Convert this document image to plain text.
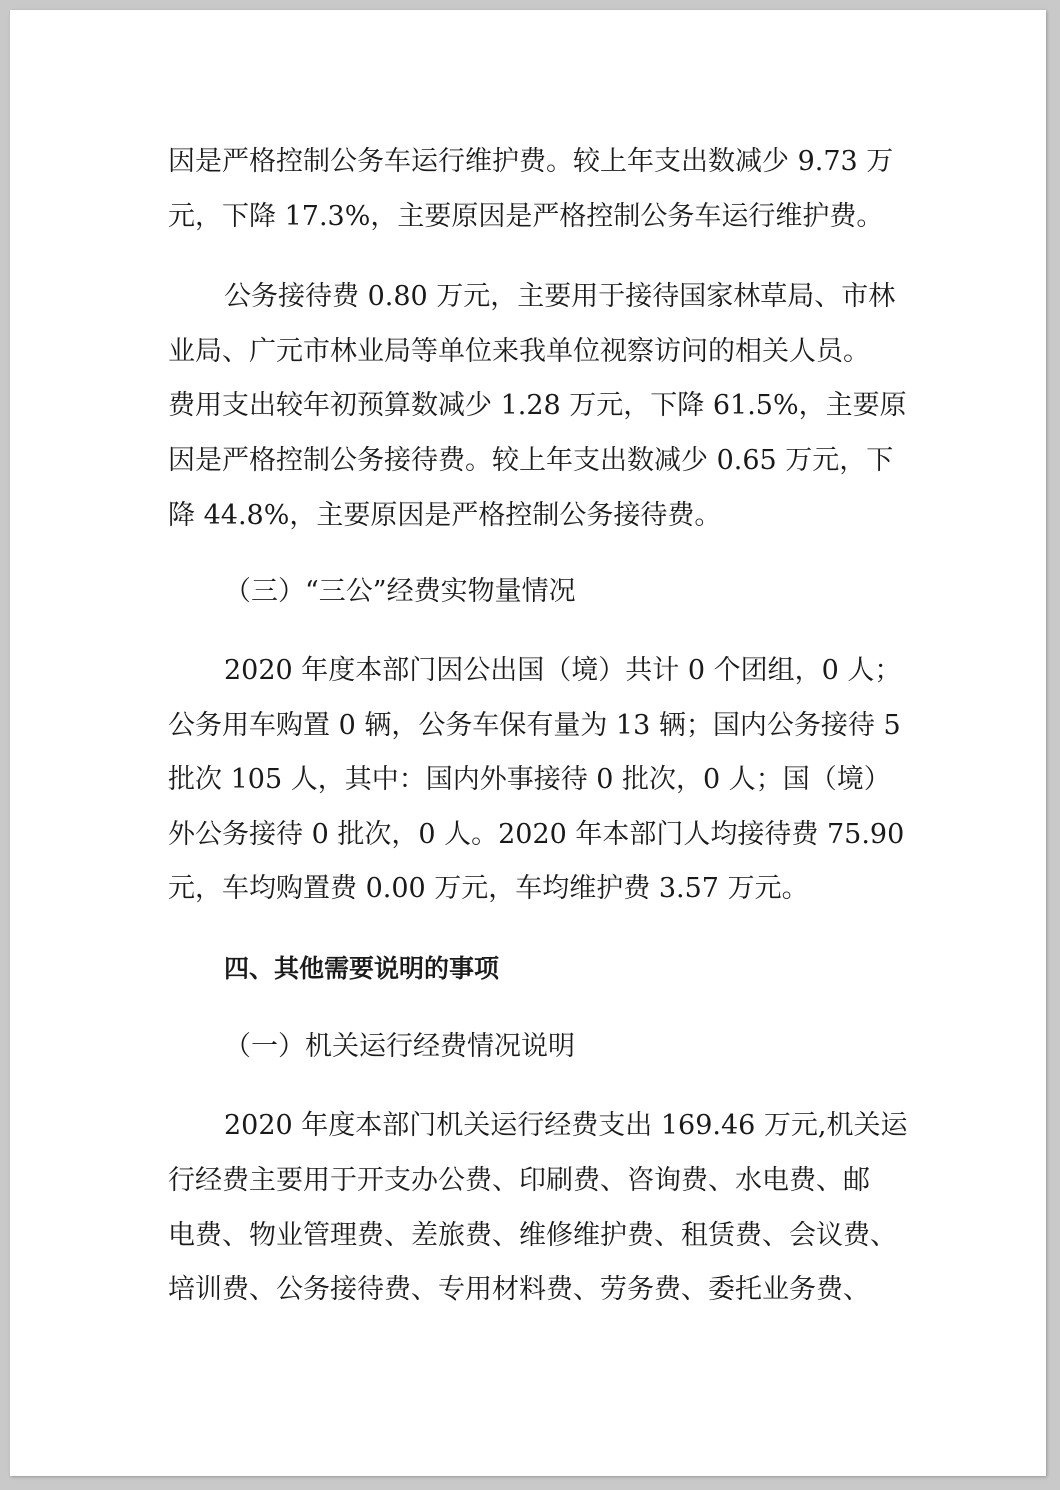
因是严格控制公务车运行维护费。较上年支出数减少 9.73 万
元，下降 17.3%，主要原因是严格控制公务车运行维护费。
公务接待费 0.80 万元，主要用于接待国家林草局、市林
业局、广元市林业局等单位来我单位视察访问的相关人员。
费用支出较年初预算数减少 1.28 万元，下降 61.5%，主要原
因是严格控制公务接待费。较上年支出数减少 0.65 万元，下
降 44.8%，主要原因是严格控制公务接待费。
（三）“三公”经费实物量情况
2020 年度本部门因公出国（境）共计 0 个团组，0 人；
公务用车购置 0 辆，公务车保有量为 13 辆；国内公务接待 5
批次 105 人，其中：国内外事接待 0 批次，0 人；国（境）
外公务接待 0 批次，0 人。2020 年本部门人均接待费 75.90
元，车均购置费 0.00 万元，车均维护费 3.57 万元。
四、其他需要说明的事项
（一）机关运行经费情况说明
2020 年度本部门机关运行经费支出 169.46 万元,机关运
行经费主要用于开支办公费、印刷费、咨询费、水电费、邮
电费、物业管理费、差旅费、维修维护费、租赁费、会议费、
培训费、公务接待费、专用材料费、劳务费、委托业务费、
